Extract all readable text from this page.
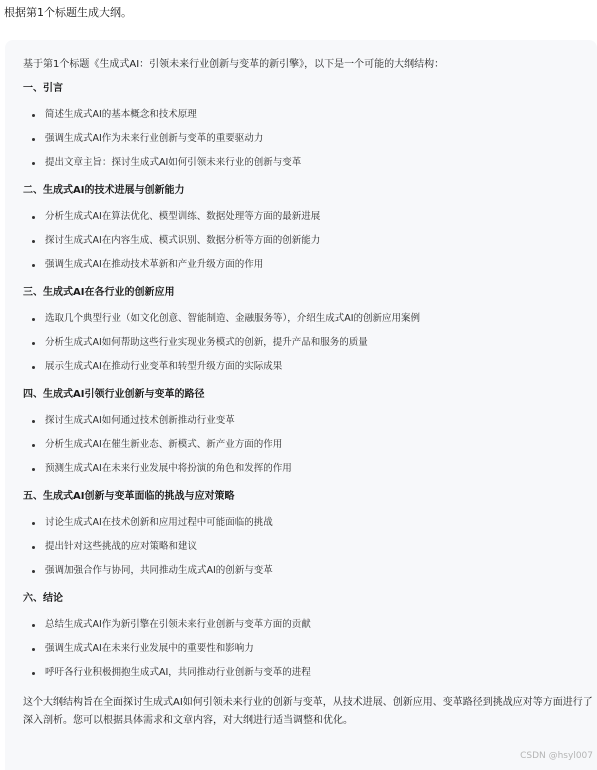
根据第1个标题生成大纲。

基于第1个标题《生成式AI：引领未来行业创新与变革的新引擎》，以下是一个可能的大纲结构：

一、引言

简述生成式AI的基本概念和技术原理
强调生成式AI作为未来行业创新与变革的重要驱动力
提出文章主旨：探讨生成式AI如何引领未来行业的创新与变革

二、生成式AI的技术进展与创新能力

分析生成式AI在算法优化、模型训练、数据处理等方面的最新进展
探讨生成式AI在内容生成、模式识别、数据分析等方面的创新能力
强调生成式AI在推动技术革新和产业升级方面的作用

三、生成式AI在各行业的创新应用

选取几个典型行业（如文化创意、智能制造、金融服务等），介绍生成式AI的创新应用案例
分析生成式AI如何帮助这些行业实现业务模式的创新，提升产品和服务的质量
展示生成式AI在推动行业变革和转型升级方面的实际成果

四、生成式AI引领行业创新与变革的路径

探讨生成式AI如何通过技术创新推动行业变革
分析生成式AI在催生新业态、新模式、新产业方面的作用
预测生成式AI在未来行业发展中将扮演的角色和发挥的作用

五、生成式AI创新与变革面临的挑战与应对策略

讨论生成式AI在技术创新和应用过程中可能面临的挑战
提出针对这些挑战的应对策略和建议
强调加强合作与协同，共同推动生成式AI的创新与变革

六、结论

总结生成式AI作为新引擎在引领未来行业创新与变革方面的贡献
强调生成式AI在未来行业发展中的重要性和影响力
呼吁各行业积极拥抱生成式AI，共同推动行业创新与变革的进程

这个大纲结构旨在全面探讨生成式AI如何引领未来行业的创新与变革，从技术进展、创新应用、变革路径到挑战应对等方面进行了深入剖析。您可以根据具体需求和文章内容，对大纲进行适当调整和优化。

CSDN @hsyl007
